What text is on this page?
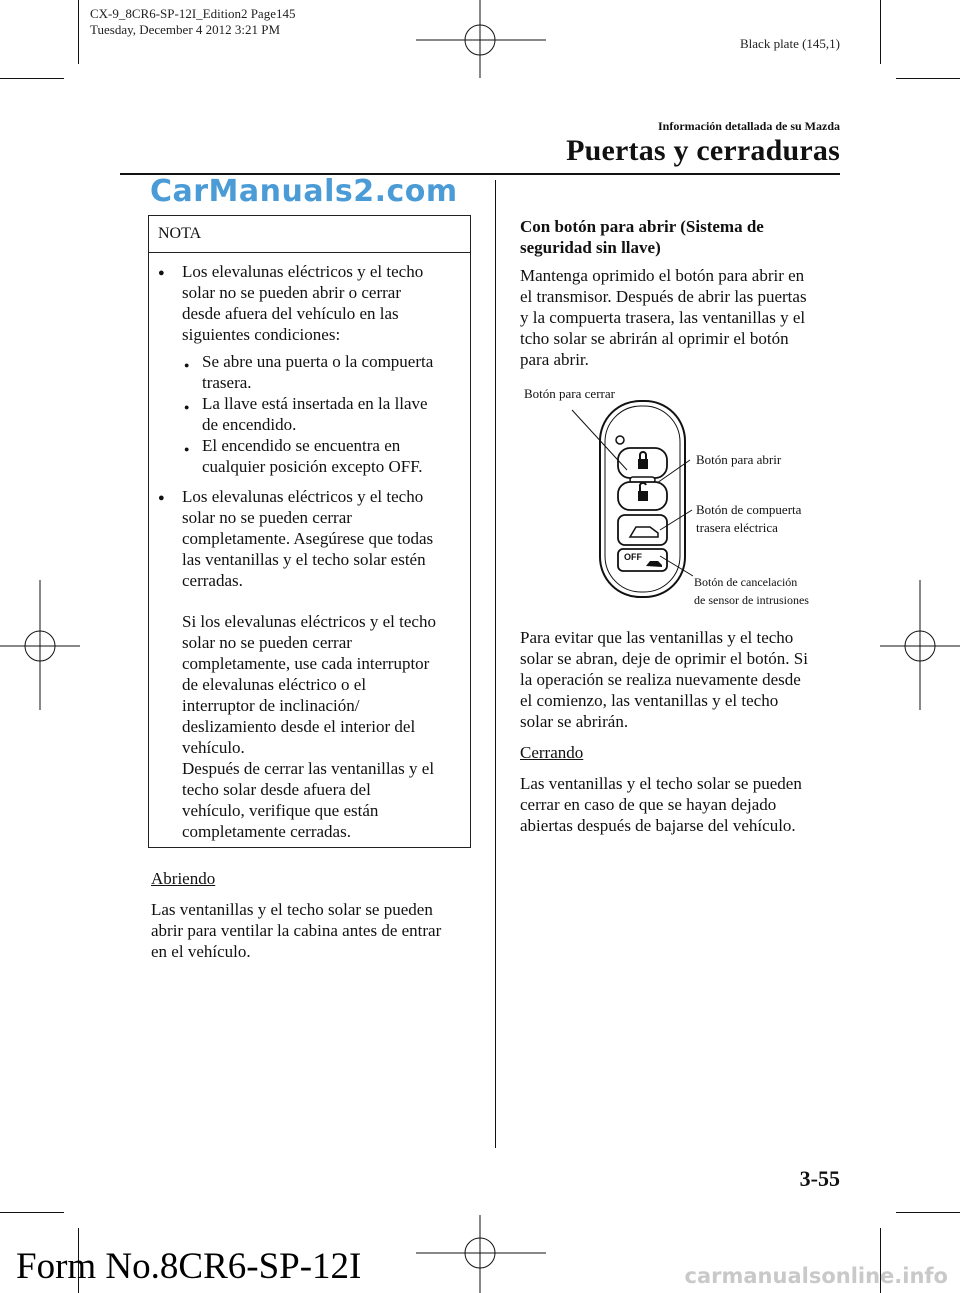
CX-9_8CR6-SP-12I_Edition2 Page145
Tuesday, December 4 2012 3:21 PM
Black plate (145,1)
Información detallada de su Mazda
Puertas y cerraduras
CarManuals2.com
NOTA
● Los elevalunas eléctricos y el techo
solar no se pueden abrir o cerrar
desde afuera del vehículo en las
siguientes condiciones:
● Se abre una puerta o la compuerta
trasera.
● La llave está insertada en la llave
de encendido.
● El encendido se encuentra en
cualquier posición excepto OFF.
● Los elevalunas eléctricos y el techo
solar no se pueden cerrar
completamente. Asegúrese que todas
las ventanillas y el techo solar estén
cerradas.
Si los elevalunas eléctricos y el techo
solar no se pueden cerrar
completamente, use cada interruptor
de elevalunas eléctrico o el
interruptor de inclinación/
deslizamiento desde el interior del
vehículo.
Después de cerrar las ventanillas y el
techo solar desde afuera del
vehículo, verifique que están
completamente cerradas.
Abriendo
Las ventanillas y el techo solar se pueden
abrir para ventilar la cabina antes de entrar
en el vehículo.
Con botón para abrir (Sistema de
seguridad sin llave)
Mantenga oprimido el botón para abrir en
el transmisor. Después de abrir las puertas
y la compuerta trasera, las ventanillas y el
tcho solar se abrirán al oprimir el botón
para abrir.
OFF
Botón para cerrar
Botón para abrir
Botón de compuerta
trasera eléctrica
Botón de cancelación
de sensor de intrusiones
Para evitar que las ventanillas y el techo
solar se abran, deje de oprimir el botón. Si
la operación se realiza nuevamente desde
el comienzo, las ventanillas y el techo
solar se abrirán.
Cerrando
Las ventanillas y el techo solar se pueden
cerrar en caso de que se hayan dejado
abiertas después de bajarse del vehículo.
3-55
Form No.8CR6-SP-12I	carmanualsonline.info
